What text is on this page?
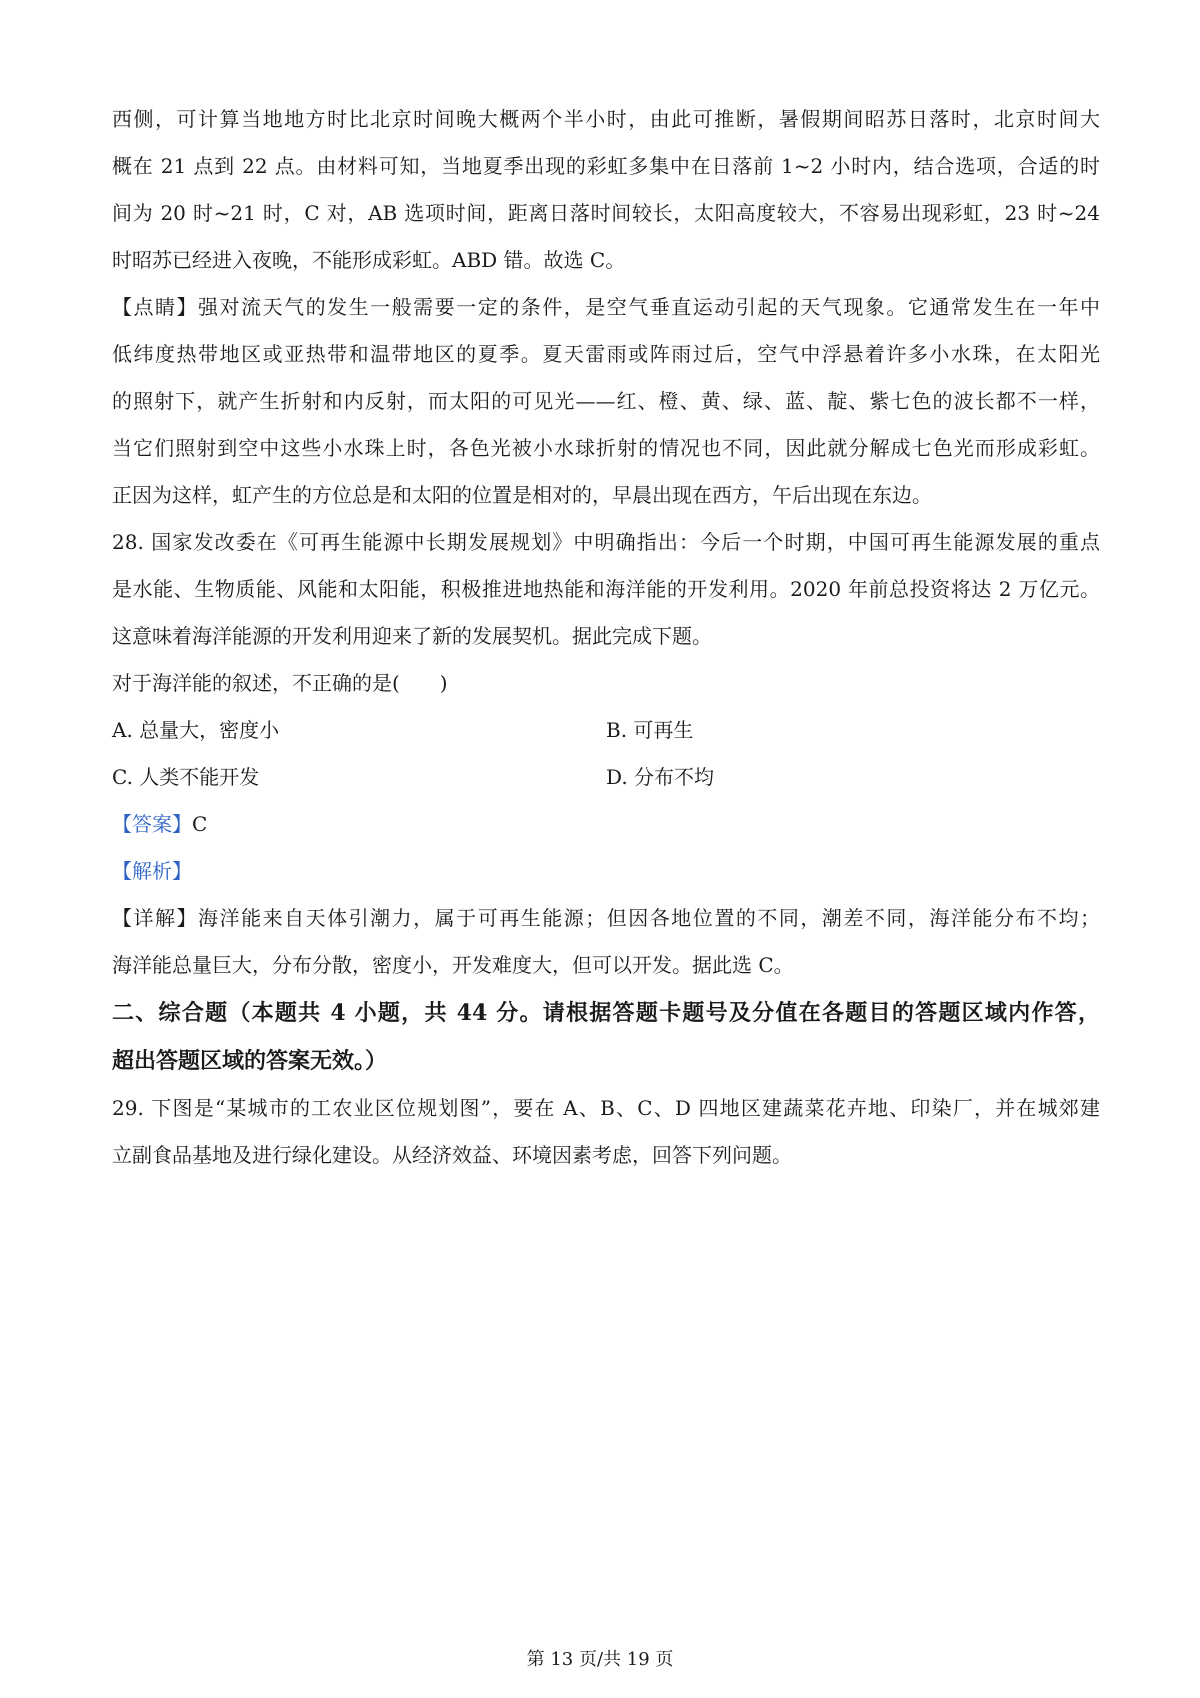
西侧，可计算当地地方时比北京时间晚大概两个半小时，由此可推断，暑假期间昭苏日落时，北京时间大
概在 21 点到 22 点。由材料可知，当地夏季出现的彩虹多集中在日落前 1~2 小时内，结合选项，合适的时
间为 20 时~21 时，C 对，AB 选项时间，距离日落时间较长，太阳高度较大，不容易出现彩虹，23 时~24
时昭苏已经进入夜晚，不能形成彩虹。ABD 错。故选 C。
【点睛】强对流天气的发生一般需要一定的条件，是空气垂直运动引起的天气现象。它通常发生在一年中
低纬度热带地区或亚热带和温带地区的夏季。夏天雷雨或阵雨过后，空气中浮悬着许多小水珠，在太阳光
的照射下，就产生折射和内反射，而太阳的可见光——红、橙、黄、绿、蓝、靛、紫七色的波长都不一样，
当它们照射到空中这些小水珠上时，各色光被小水球折射的情况也不同，因此就分解成七色光而形成彩虹。
正因为这样，虹产生的方位总是和太阳的位置是相对的，早晨出现在西方，午后出现在东边。
28. 国家发改委在《可再生能源中长期发展规划》中明确指出：今后一个时期，中国可再生能源发展的重点
是水能、生物质能、风能和太阳能，积极推进地热能和海洋能的开发利用。2020 年前总投资将达 2 万亿元。
这意味着海洋能源的开发利用迎来了新的发展契机。据此完成下题。
对于海洋能的叙述，不正确的是(　　)
A. 总量大，密度小	B. 可再生
C. 人类不能开发	D. 分布不均
【答案】C
【解析】
【详解】海洋能来自天体引潮力，属于可再生能源；但因各地位置的不同，潮差不同，海洋能分布不均；
海洋能总量巨大，分布分散，密度小，开发难度大，但可以开发。据此选 C。
二、综合题（本题共 4 小题，共 44 分。请根据答题卡题号及分值在各题目的答题区域内作答，
超出答题区域的答案无效。）
29. 下图是“某城市的工农业区位规划图”，要在 A、B、C、D 四地区建蔬菜花卉地、印染厂，并在城郊建
立副食品基地及进行绿化建设。从经济效益、环境因素考虑，回答下列问题。
第 13 页/共 19 页
